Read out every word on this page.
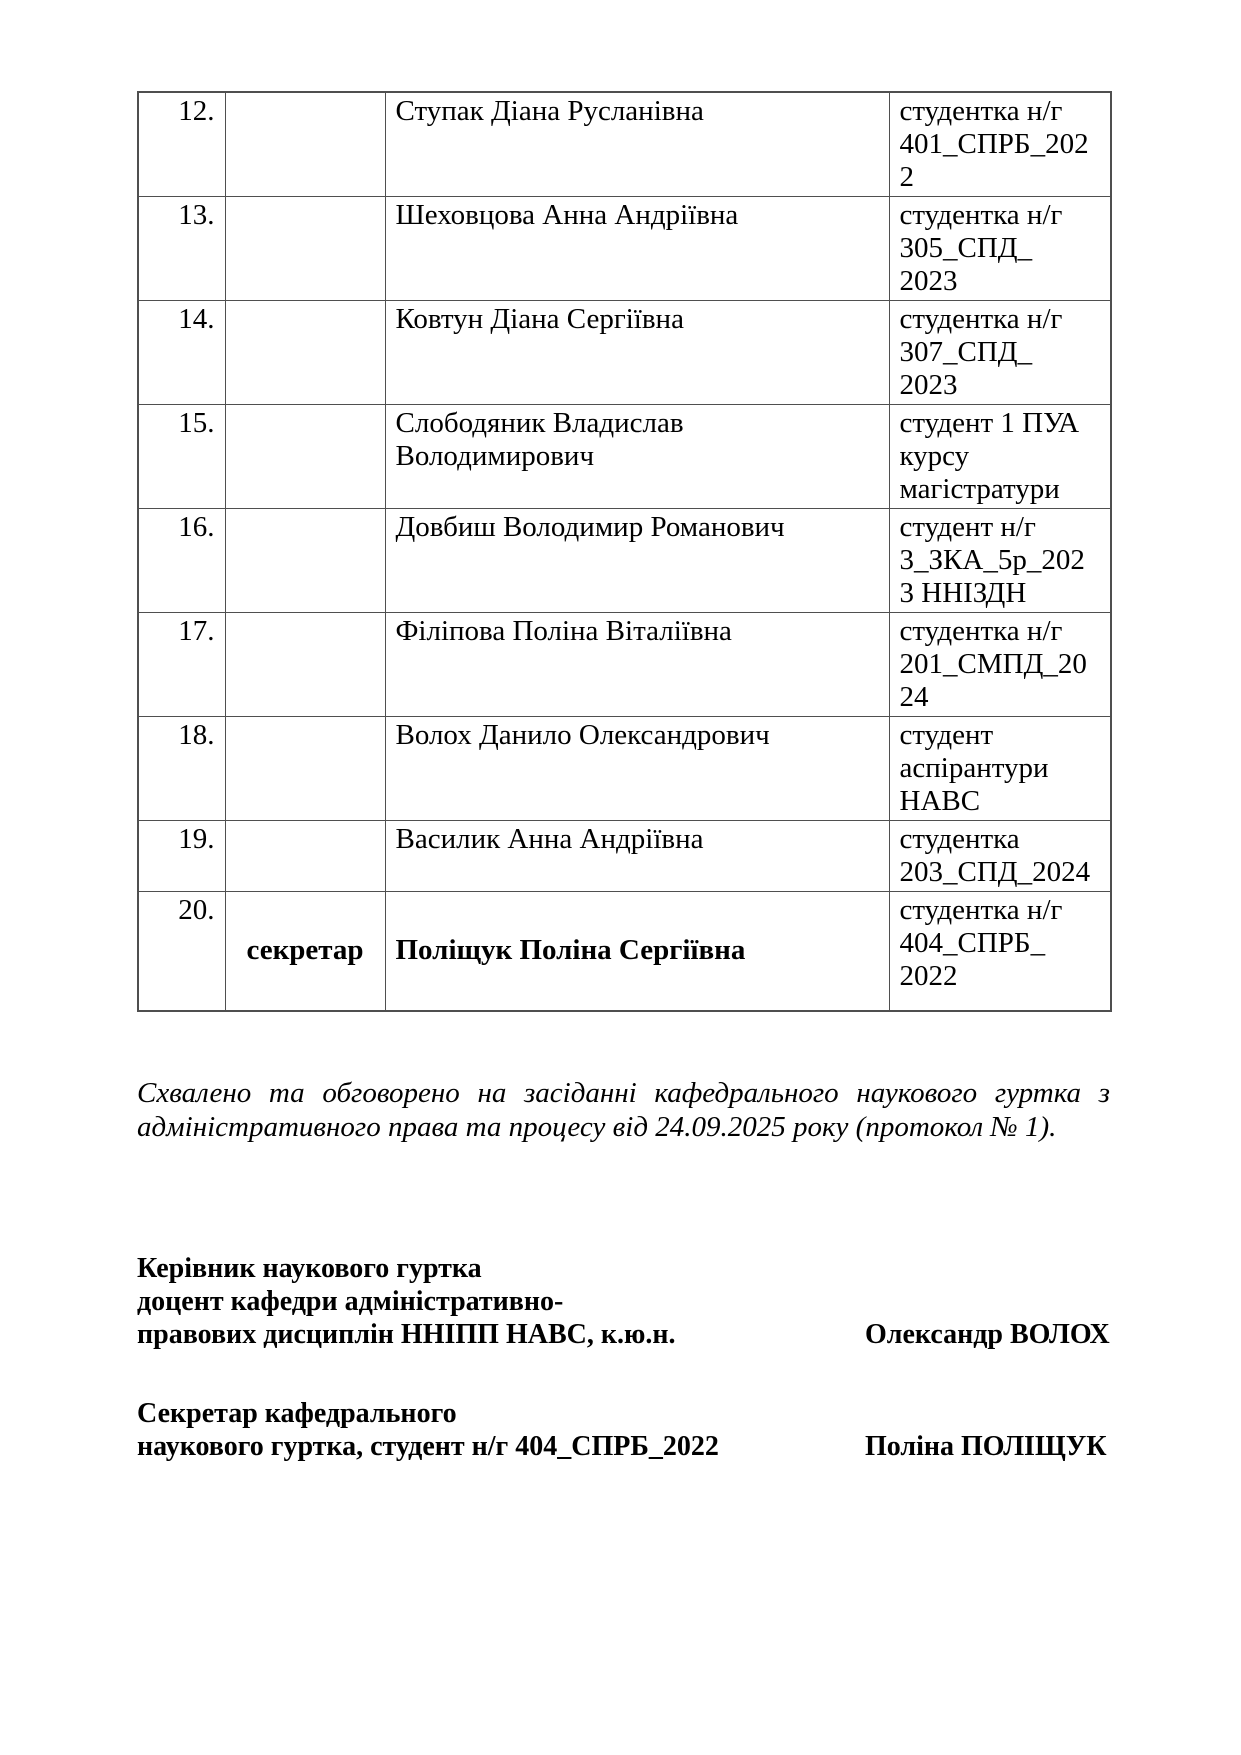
12.		Ступак Діана Русланівна	студентка н/г
401_СПРБ_202
2
13.		Шеховцова Анна Андріївна	студентка н/г
305_СПД_
2023
14.		Ковтун Діана Сергіївна	студентка н/г
307_СПД_
2023
15.		Слободяник Владислав
Володимирович	студент 1 ПУА
курсу
магістратури
16.		Довбиш Володимир Романович	студент н/г
3_ЗКА_5р_202
3 ННІЗДН
17.		Філіпова Поліна Віталіївна	студентка н/г
201_СМПД_20
24
18.		Волох Данило Олександрович	студент
аспірантури
НАВС
19.		Василик Анна Андріївна	студентка
203_СПД_2024
20.	секретар	Поліщук Поліна Сергіївна	студентка н/г
404_СПРБ_
2022
Схвалено та обговорено на засіданні кафедрального наукового гуртка з
адміністративного права та процесу від 24.09.2025 року (протокол № 1).
Керівник наукового гуртка
доцент кафедри адміністративно-
правових дисциплін ННІПП НАВС, к.ю.н.	Олександр ВОЛОХ
Секретар кафедрального
наукового гуртка, студент н/г 404_СПРБ_2022	Поліна ПОЛІЩУК
